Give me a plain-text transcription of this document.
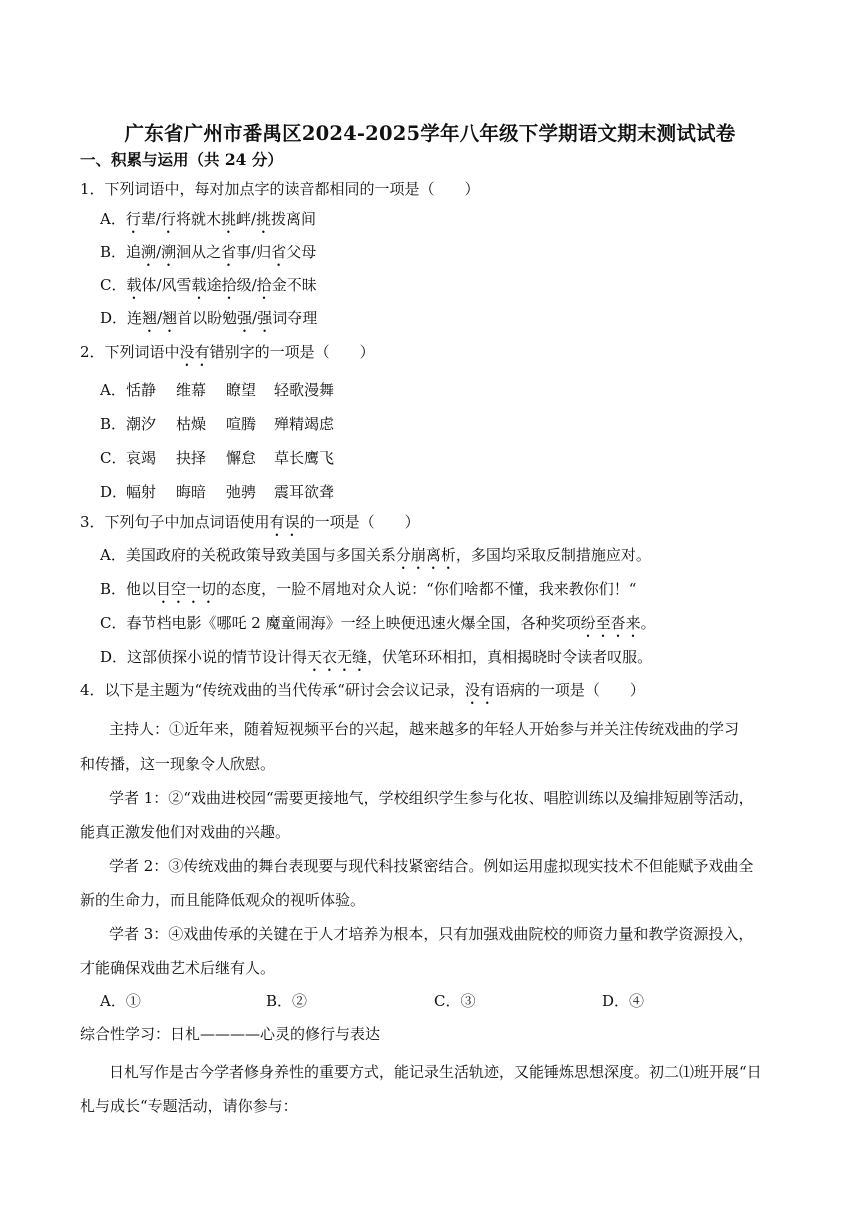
广东省广州市番禺区2024-2025学年八年级下学期语文期末测试试卷
一、积累与运用（共 24 分）
1．下列词语中，每对加点字的读音都相同的一项是（　　）
A．行辈/行将就木挑衅/挑拨离间
B．追溯/溯洄从之省事/归省父母
C．载体/风雪载途拾级/拾金不昧
D．连翘/翘首以盼勉强/强词夺理
2．下列词语中没有错别字的一项是（　　）
A．恬静 维幕 瞭望 轻歌漫舞
B．潮汐 枯燥 喧腾 殚精竭虑
C．哀竭 抉择 懈怠 草长鹰飞
D．幅射 晦暗 弛骋 震耳欲聋
3．下列句子中加点词语使用有误的一项是（　　）
A．美国政府的关税政策导致美国与多国关系分崩离析，多国均采取反制措施应对。
B．他以目空一切的态度，一脸不屑地对众人说：“你们啥都不懂，我来教你们！“
C．春节档电影《哪吒 2 魔童闹海》一经上映便迅速火爆全国，各种奖项纷至沓来。
D．这部侦探小说的情节设计得天衣无缝，伏笔环环相扣，真相揭晓时令读者叹服。
4．以下是主题为“传统戏曲的当代传承“研讨会会议记录，没有语病的一项是（　　）
主持人：①近年来，随着短视频平台的兴起，越来越多的年轻人开始参与并关注传统戏曲的学习
和传播，这一现象令人欣慰。
学者 1：②“戏曲进校园“需要更接地气，学校组织学生参与化妆、唱腔训练以及编排短剧等活动，
能真正激发他们对戏曲的兴趣。
学者 2：③传统戏曲的舞台表现要与现代科技紧密结合。例如运用虚拟现实技术不但能赋予戏曲全
新的生命力，而且能降低观众的视听体验。
学者 3：④戏曲传承的关键在于人才培养为根本，只有加强戏曲院校的师资力量和教学资源投入，
才能确保戏曲艺术后继有人。
A．①	B．②	C．③	D．④
综合性学习：日札————心灵的修行与表达
日札写作是古今学者修身养性的重要方式，能记录生活轨迹，又能锤炼思想深度。初二⑴班开展“日
札与成长“专题活动，请你参与：
